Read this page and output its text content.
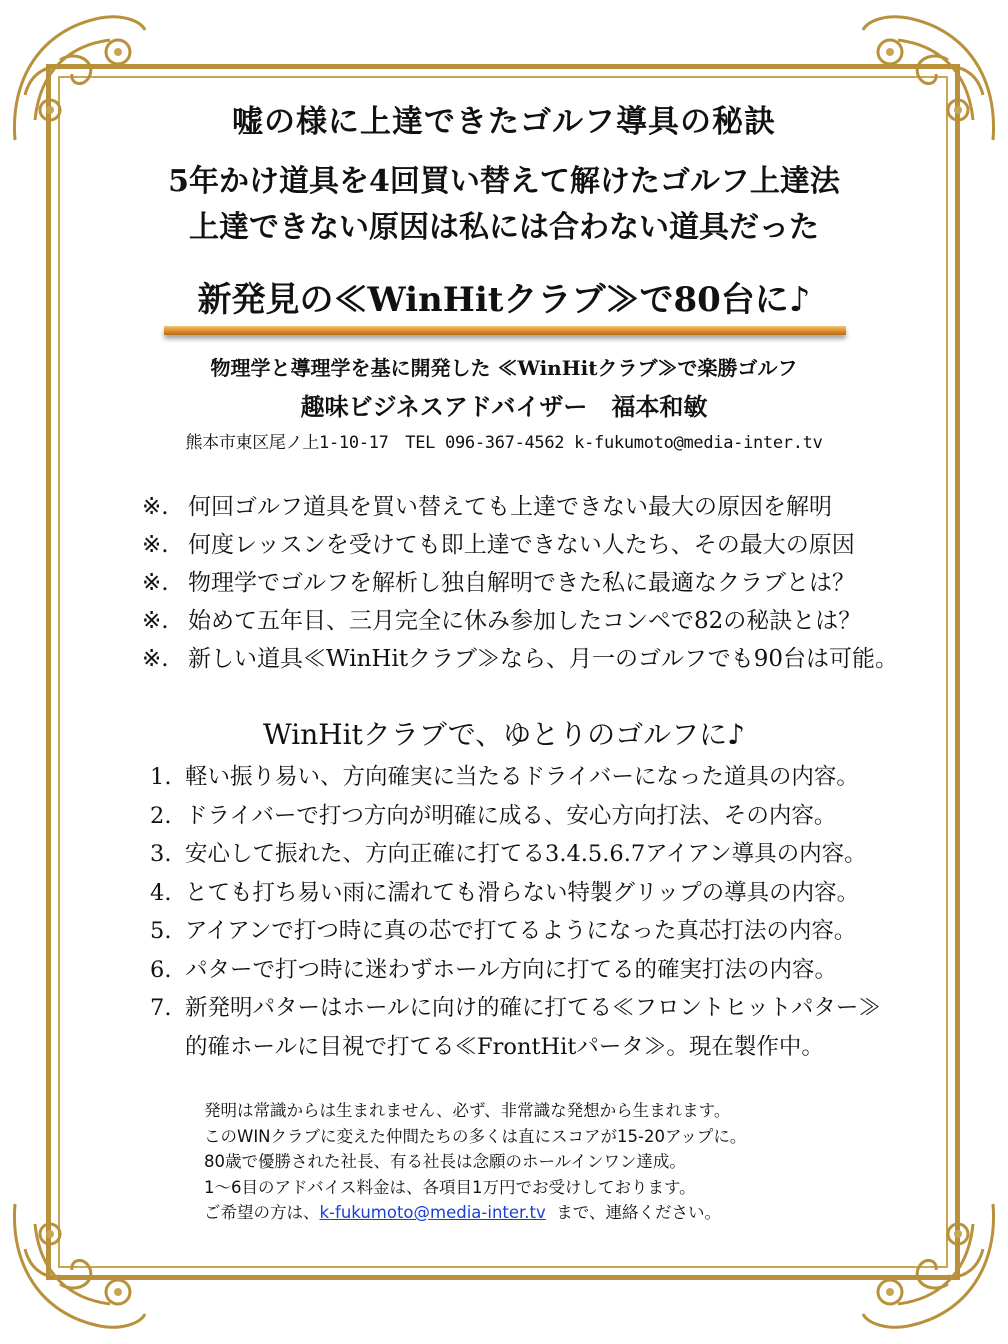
嘘の様に上達できたゴルフ導具の秘訣
5年かけ道具を4回買い替えて解けたゴルフ上達法
上達できない原因は私には合わない道具だった
新発見の≪WinHitクラブ≫で80台に♪
物理学と導理学を基に開発した ≪WinHitクラブ≫で楽勝ゴルフ
趣味ビジネスアドバイザー　福本和敏
熊本市東区尾ノ上1-10-17　TEL 096-367-4562 k-fukumoto@media-inter.tv
※. 何回ゴルフ道具を買い替えても上達できない最大の原因を解明
※. 何度レッスンを受けても即上達できない人たち、その最大の原因
※. 物理学でゴルフを解析し独自解明できた私に最適なクラブとは？
※. 始めて五年目、三月完全に休み参加したコンペで82の秘訣とは？
※. 新しい道具≪WinHitクラブ≫なら、月一のゴルフでも90台は可能。
WinHitクラブで、ゆとりのゴルフに♪
1. 軽い振り易い、方向確実に当たるドライバーになった道具の内容。
2. ドライバーで打つ方向が明確に成る、安心方向打法、その内容。
3. 安心して振れた、方向正確に打てる3.4.5.6.7アイアン導具の内容。
4. とても打ち易い雨に濡れても滑らない特製グリップの導具の内容。
5. アイアンで打つ時に真の芯で打てるようになった真芯打法の内容。
6. パターで打つ時に迷わずホール方向に打てる的確実打法の内容。
7. 新発明パターはホールに向け的確に打てる≪フロントヒットパター≫
的確ホールに目視で打てる≪FrontHitパータ≫。現在製作中。
発明は常識からは生まれません、必ず、非常識な発想から生まれます。
このWINクラブに変えた仲間たちの多くは直にスコアが15-20アップに。
80歳で優勝された社長、有る社長は念願のホールインワン達成。
1～6目のアドバイス料金は、各項目1万円でお受けしております。
ご希望の方は、k-fukumoto@media-inter.tv まで、連絡ください。
